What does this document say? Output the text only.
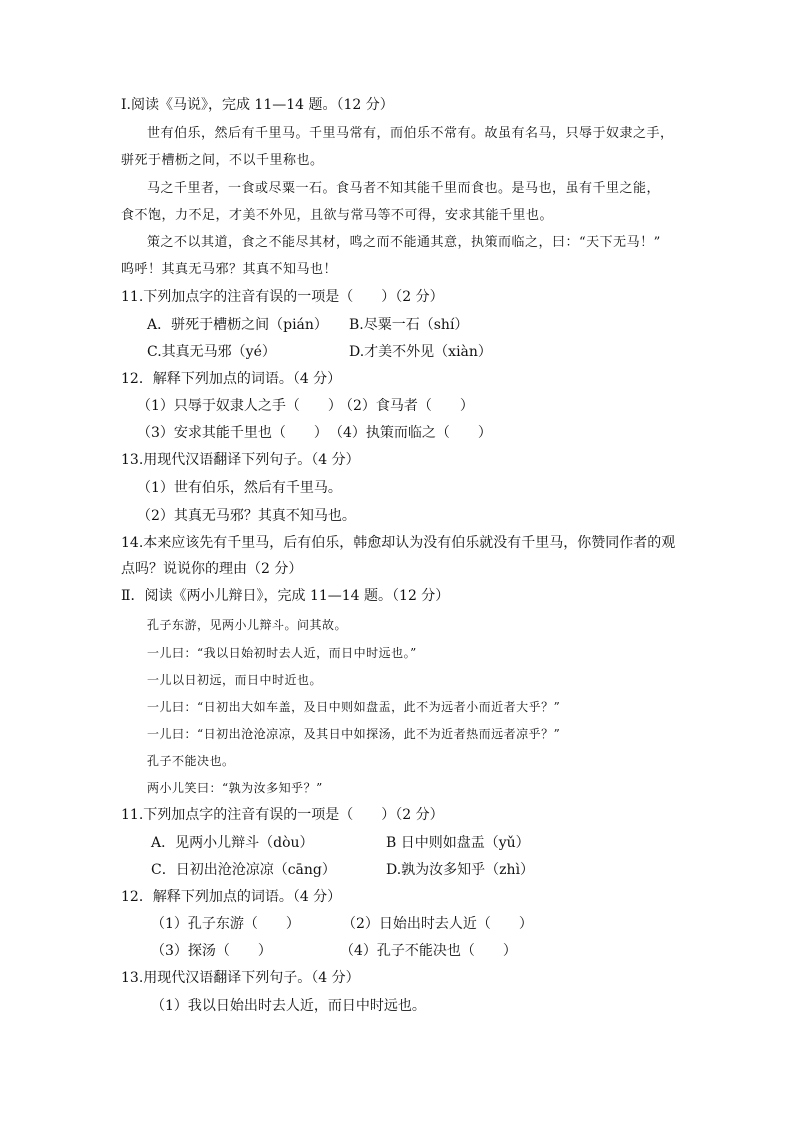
Ⅰ.阅读《马说》，完成 11—14 题。（12 分）
世有伯乐，然后有千里马。千里马常有，而伯乐不常有。故虽有名马，只辱于奴隶之手，
骈死于槽枥之间，不以千里称也。
马之千里者，一食或尽粟一石。食马者不知其能千里而食也。是马也，虽有千里之能，
食不饱，力不足，才美不外见，且欲与常马等不可得，安求其能千里也。
策之不以其道，食之不能尽其材，鸣之而不能通其意，执策而临之，曰：“天下无马！”
呜呼！其真无马邪？其真不知马也！
11.下列加点字的注音有误的一项是（　　）（2 分）
A．骈死于槽枥之间（pián） B.尽粟一石（shí）
C.其真无马邪（yé）	D.才美不外见（xiàn）
12．解释下列加点的词语。（4 分）
（1）只辱于奴隶人之手（　　）
（2）食马者（　　）
（3）安求其能千里也（　　） （4）执策而临之（　　）
13.用现代汉语翻译下列句子。（4 分）
（1）世有伯乐，然后有千里马。
（2）其真无马邪？其真不知马也。
14.本来应该先有千里马，后有伯乐，韩愈却认为没有伯乐就没有千里马，你赞同作者的观
点吗？说说你的理由（2 分）
Ⅱ．阅读《两小儿辩日》，完成 11—14 题。（12 分）
孔子东游，见两小儿辩斗。问其故。
一儿曰：“我以日始初时去人近，而日中时远也。”
一儿以日初远，而日中时近也。
一儿曰：“日初出大如车盖，及日中则如盘盂，此不为远者小而近者大乎？”
一儿曰：“日初出沧沧凉凉，及其日中如探汤，此不为近者热而远者凉乎？”
孔子不能决也。
两小儿笑曰：“孰为汝多知乎？”
11.下列加点字的注音有误的一项是（　　）（2 分）
A．见两小儿辩斗（dòu）	B 日中则如盘盂（yǔ）
C．日初出沧沧凉凉（cāng）	D.孰为汝多知乎（zhì）
12．解释下列加点的词语。（4 分）
（1）孔子东游（　　）	（2）日始出时去人近（　　）
（3）探汤（　　）	（4）孔子不能决也（　　）
13.用现代汉语翻译下列句子。（4 分）
（1）我以日始出时去人近，而日中时远也。
